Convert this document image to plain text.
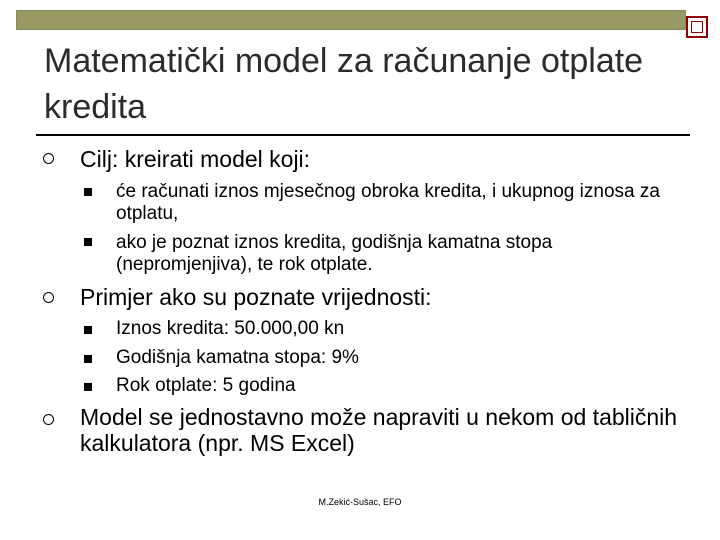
Matematički model za računanje otplate kredita
Cilj: kreirati model koji:
će računati iznos mjesečnog obroka kredita, i ukupnog iznosa za otplatu,
ako je poznat iznos kredita, godišnja kamatna stopa (nepromjenjiva), te rok otplate.
Primjer ako su poznate vrijednosti:
Iznos kredita: 50.000,00 kn
Godišnja kamatna stopa: 9%
Rok otplate: 5 godina
Model se jednostavno može napraviti u nekom od tabličnih kalkulatora (npr. MS Excel)
M.Zekić-Sušac, EFO
